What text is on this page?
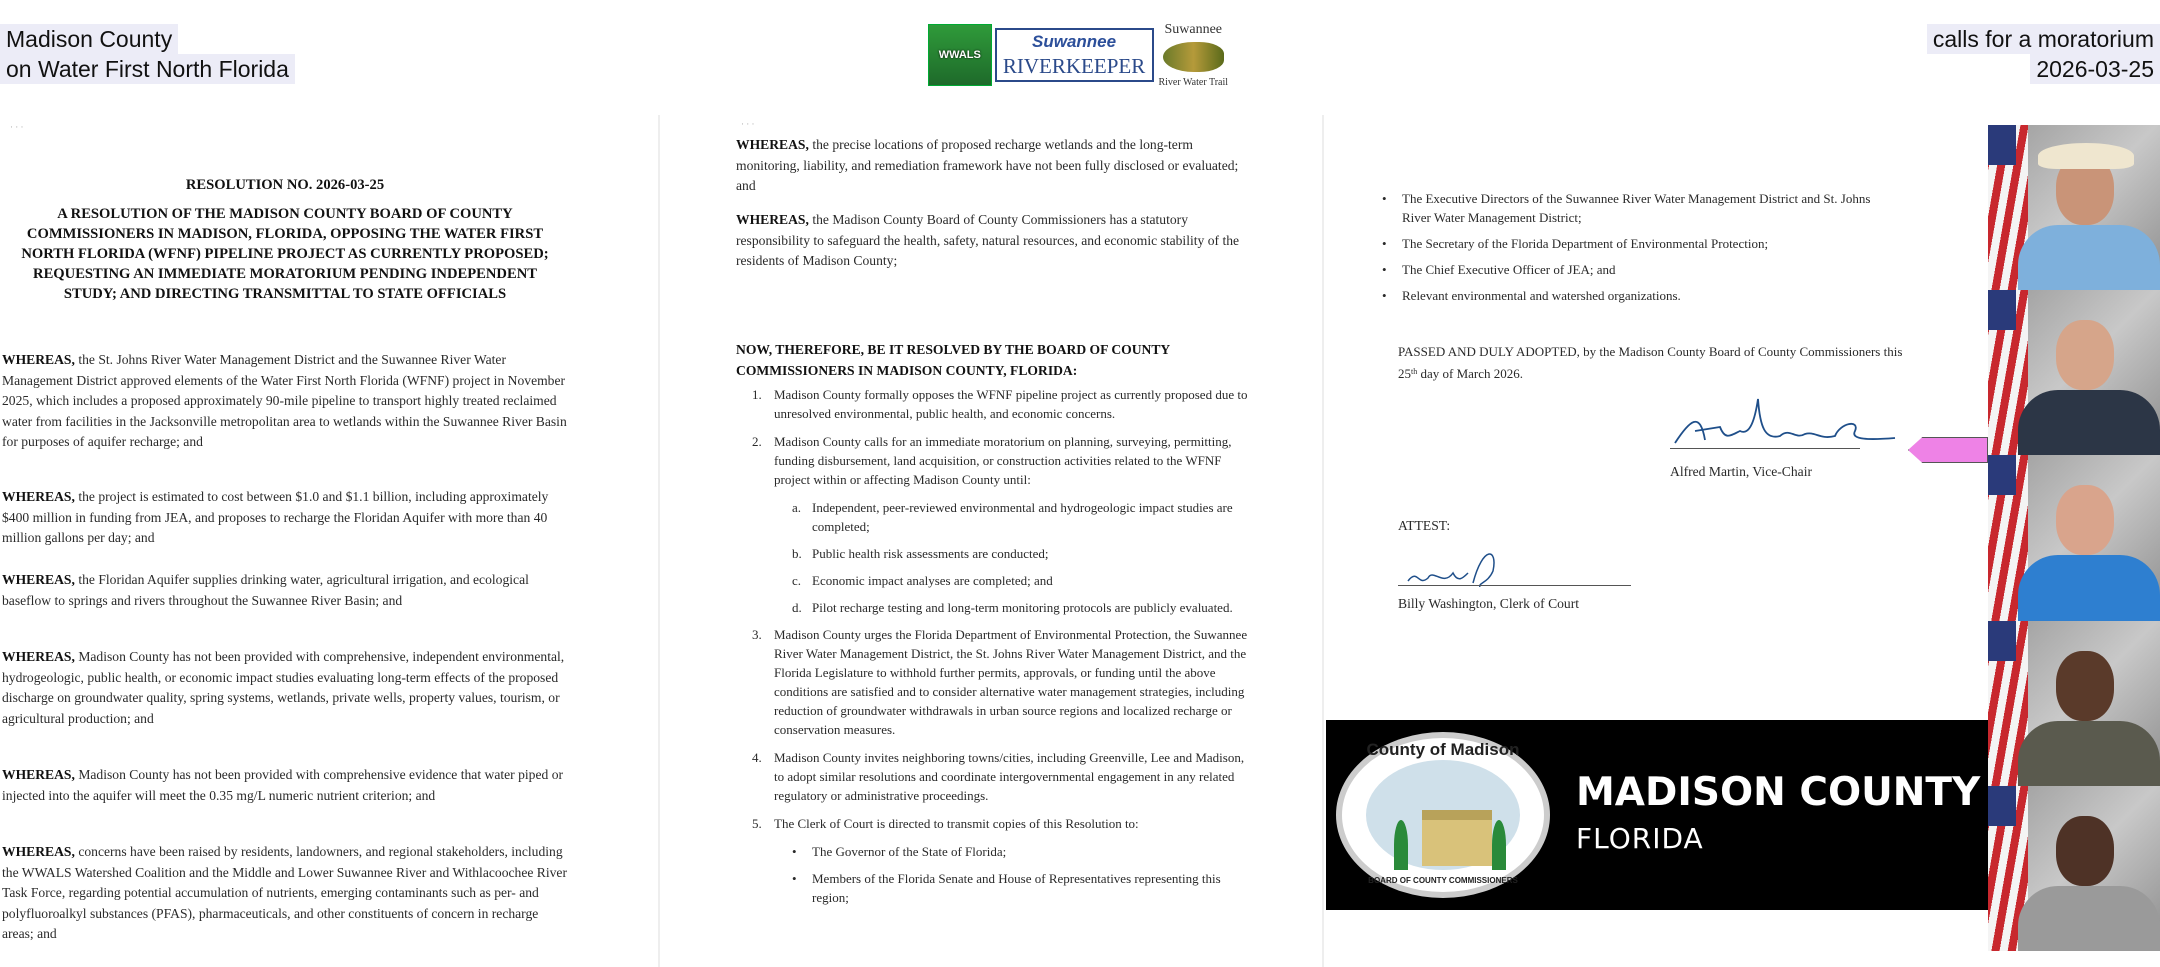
Madison County
on Water First North Florida
calls for a moratorium
2026-03-25
WWALS
Suwannee
RIVERKEEPER
Suwannee
River Water Trail
· · ·
RESOLUTION NO. 2026-03-25
A RESOLUTION OF THE MADISON COUNTY BOARD OF COUNTY COMMISSIONERS IN MADISON, FLORIDA, OPPOSING THE WATER FIRST NORTH FLORIDA (WFNF) PIPELINE PROJECT AS CURRENTLY PROPOSED; REQUESTING AN IMMEDIATE MORATORIUM PENDING INDEPENDENT STUDY; AND DIRECTING TRANSMITTAL TO STATE OFFICIALS
WHEREAS, the St. Johns River Water Management District and the Suwannee River Water Management District approved elements of the Water First North Florida (WFNF) project in November 2025, which includes a proposed approximately 90-mile pipeline to transport highly treated reclaimed water from facilities in the Jacksonville metropolitan area to wetlands within the Suwannee River Basin for purposes of aquifer recharge; and
WHEREAS, the project is estimated to cost between $1.0 and $1.1 billion, including approximately $400 million in funding from JEA, and proposes to recharge the Floridan Aquifer with more than 40 million gallons per day; and
WHEREAS, the Floridan Aquifer supplies drinking water, agricultural irrigation, and ecological baseflow to springs and rivers throughout the Suwannee River Basin; and
WHEREAS, Madison County has not been provided with comprehensive, independent environmental, hydrogeologic, public health, or economic impact studies evaluating long-term effects of the proposed discharge on groundwater quality, spring systems, wetlands, private wells, property values, tourism, or agricultural production; and
WHEREAS, Madison County has not been provided with comprehensive evidence that water piped or injected into the aquifer will meet the 0.35 mg/L numeric nutrient criterion; and
WHEREAS, concerns have been raised by residents, landowners, and regional stakeholders, including the WWALS Watershed Coalition and the Middle and Lower Suwannee River and Withlacoochee River Task Force, regarding potential accumulation of nutrients, emerging contaminants such as per- and polyfluoroalkyl substances (PFAS), pharmaceuticals, and other constituents of concern in recharge areas; and
· · ·
WHEREAS, the precise locations of proposed recharge wetlands and the long-term monitoring, liability, and remediation framework have not been fully disclosed or evaluated; and
WHEREAS, the Madison County Board of County Commissioners has a statutory responsibility to safeguard the health, safety, natural resources, and economic stability of the residents of Madison County;
NOW, THEREFORE, BE IT RESOLVED BY THE BOARD OF COUNTY COMMISSIONERS IN MADISON COUNTY, FLORIDA:
1. Madison County formally opposes the WFNF pipeline project as currently proposed due to unresolved environmental, public health, and economic concerns.
2. Madison County calls for an immediate moratorium on planning, surveying, permitting, funding disbursement, land acquisition, or construction activities related to the WFNF project within or affecting Madison County until:
a. Independent, peer-reviewed environmental and hydrogeologic impact studies are completed;
b. Public health risk assessments are conducted;
c. Economic impact analyses are completed; and
d. Pilot recharge testing and long-term monitoring protocols are publicly evaluated.
3. Madison County urges the Florida Department of Environmental Protection, the Suwannee River Water Management District, the St. Johns River Water Management District, and the Florida Legislature to withhold further permits, approvals, or funding until the above conditions are satisfied and to consider alternative water management strategies, including reduction of groundwater withdrawals in urban source regions and localized recharge or conservation measures.
4. Madison County invites neighboring towns/cities, including Greenville, Lee and Madison, to adopt similar resolutions and coordinate intergovernmental engagement in any related regulatory or administrative proceedings.
5. The Clerk of Court is directed to transmit copies of this Resolution to:
• The Governor of the State of Florida;
• Members of the Florida Senate and House of Representatives representing this region;
• The Executive Directors of the Suwannee River Water Management District and St. Johns River Water Management District;
• The Secretary of the Florida Department of Environmental Protection;
• The Chief Executive Officer of JEA; and
• Relevant environmental and watershed organizations.
PASSED AND DULY ADOPTED, by the Madison County Board of County Commissioners this
25th day of March 2026.
Alfred Martin, Vice-Chair
ATTEST:
Billy Washington, Clerk of Court
County of Madison
BOARD OF COUNTY COMMISSIONERS
MADISON COUNTY
FLORIDA
